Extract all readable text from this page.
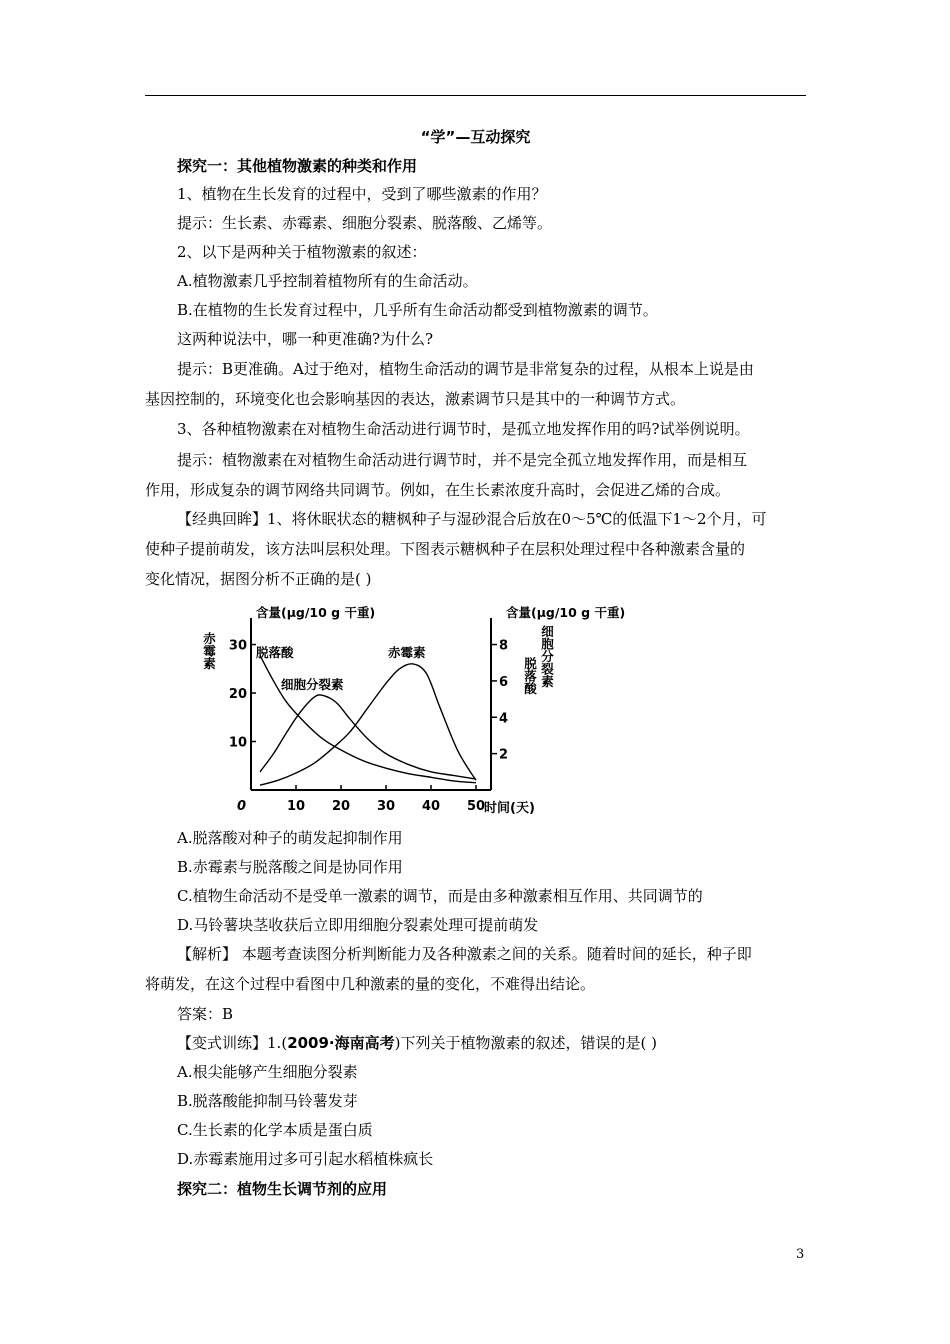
“学”—互动探究
探究一：其他植物激素的种类和作用
1、植物在生长发育的过程中，受到了哪些激素的作用？
提示：生长素、赤霉素、细胞分裂素、脱落酸、乙烯等。
2、以下是两种关于植物激素的叙述：
A.植物激素几乎控制着植物所有的生命活动。
B.在植物的生长发育过程中，几乎所有生命活动都受到植物激素的调节。
这两种说法中，哪一种更准确?为什么?
提示：B更准确。A过于绝对，植物生命活动的调节是非常复杂的过程，从根本上说是由
基因控制的，环境变化也会影响基因的表达，激素调节只是其中的一种调节方式。
3、各种植物激素在对植物生命活动进行调节时，是孤立地发挥作用的吗?试举例说明。
提示：植物激素在对植物生命活动进行调节时，并不是完全孤立地发挥作用，而是相互
作用，形成复杂的调节网络共同调节。例如，在生长素浓度升高时，会促进乙烯的合成。
【经典回眸】1、将休眠状态的糖枫种子与湿砂混合后放在0～5℃的低温下1～2个月，可
使种子提前萌发，该方法叫层积处理。下图表示糖枫种子在层积处理过程中各种激素含量的
变化情况，据图分析不正确的是( )
0	10 20 30 40 50
10
20
30
2
4
6
8
含量(μg/10 g 干重)	含量(μg/10 g 干重)
时间(天)
赤霉素	细胞分裂素
脱落酸
脱落酸
细胞分裂素
赤霉素
A.脱落酸对种子的萌发起抑制作用
B.赤霉素与脱落酸之间是协同作用
C.植物生命活动不是受单一激素的调节，而是由多种激素相互作用、共同调节的
D.马铃薯块茎收获后立即用细胞分裂素处理可提前萌发
【解析】 本题考查读图分析判断能力及各种激素之间的关系。随着时间的延长，种子即
将萌发，在这个过程中看图中几种激素的量的变化，不难得出结论。
答案：B
【变式训练】1.(2009·海南高考)下列关于植物激素的叙述，错误的是( )
A.根尖能够产生细胞分裂素
B.脱落酸能抑制马铃薯发芽
C.生长素的化学本质是蛋白质
D.赤霉素施用过多可引起水稻植株疯长
探究二：植物生长调节剂的应用
3
